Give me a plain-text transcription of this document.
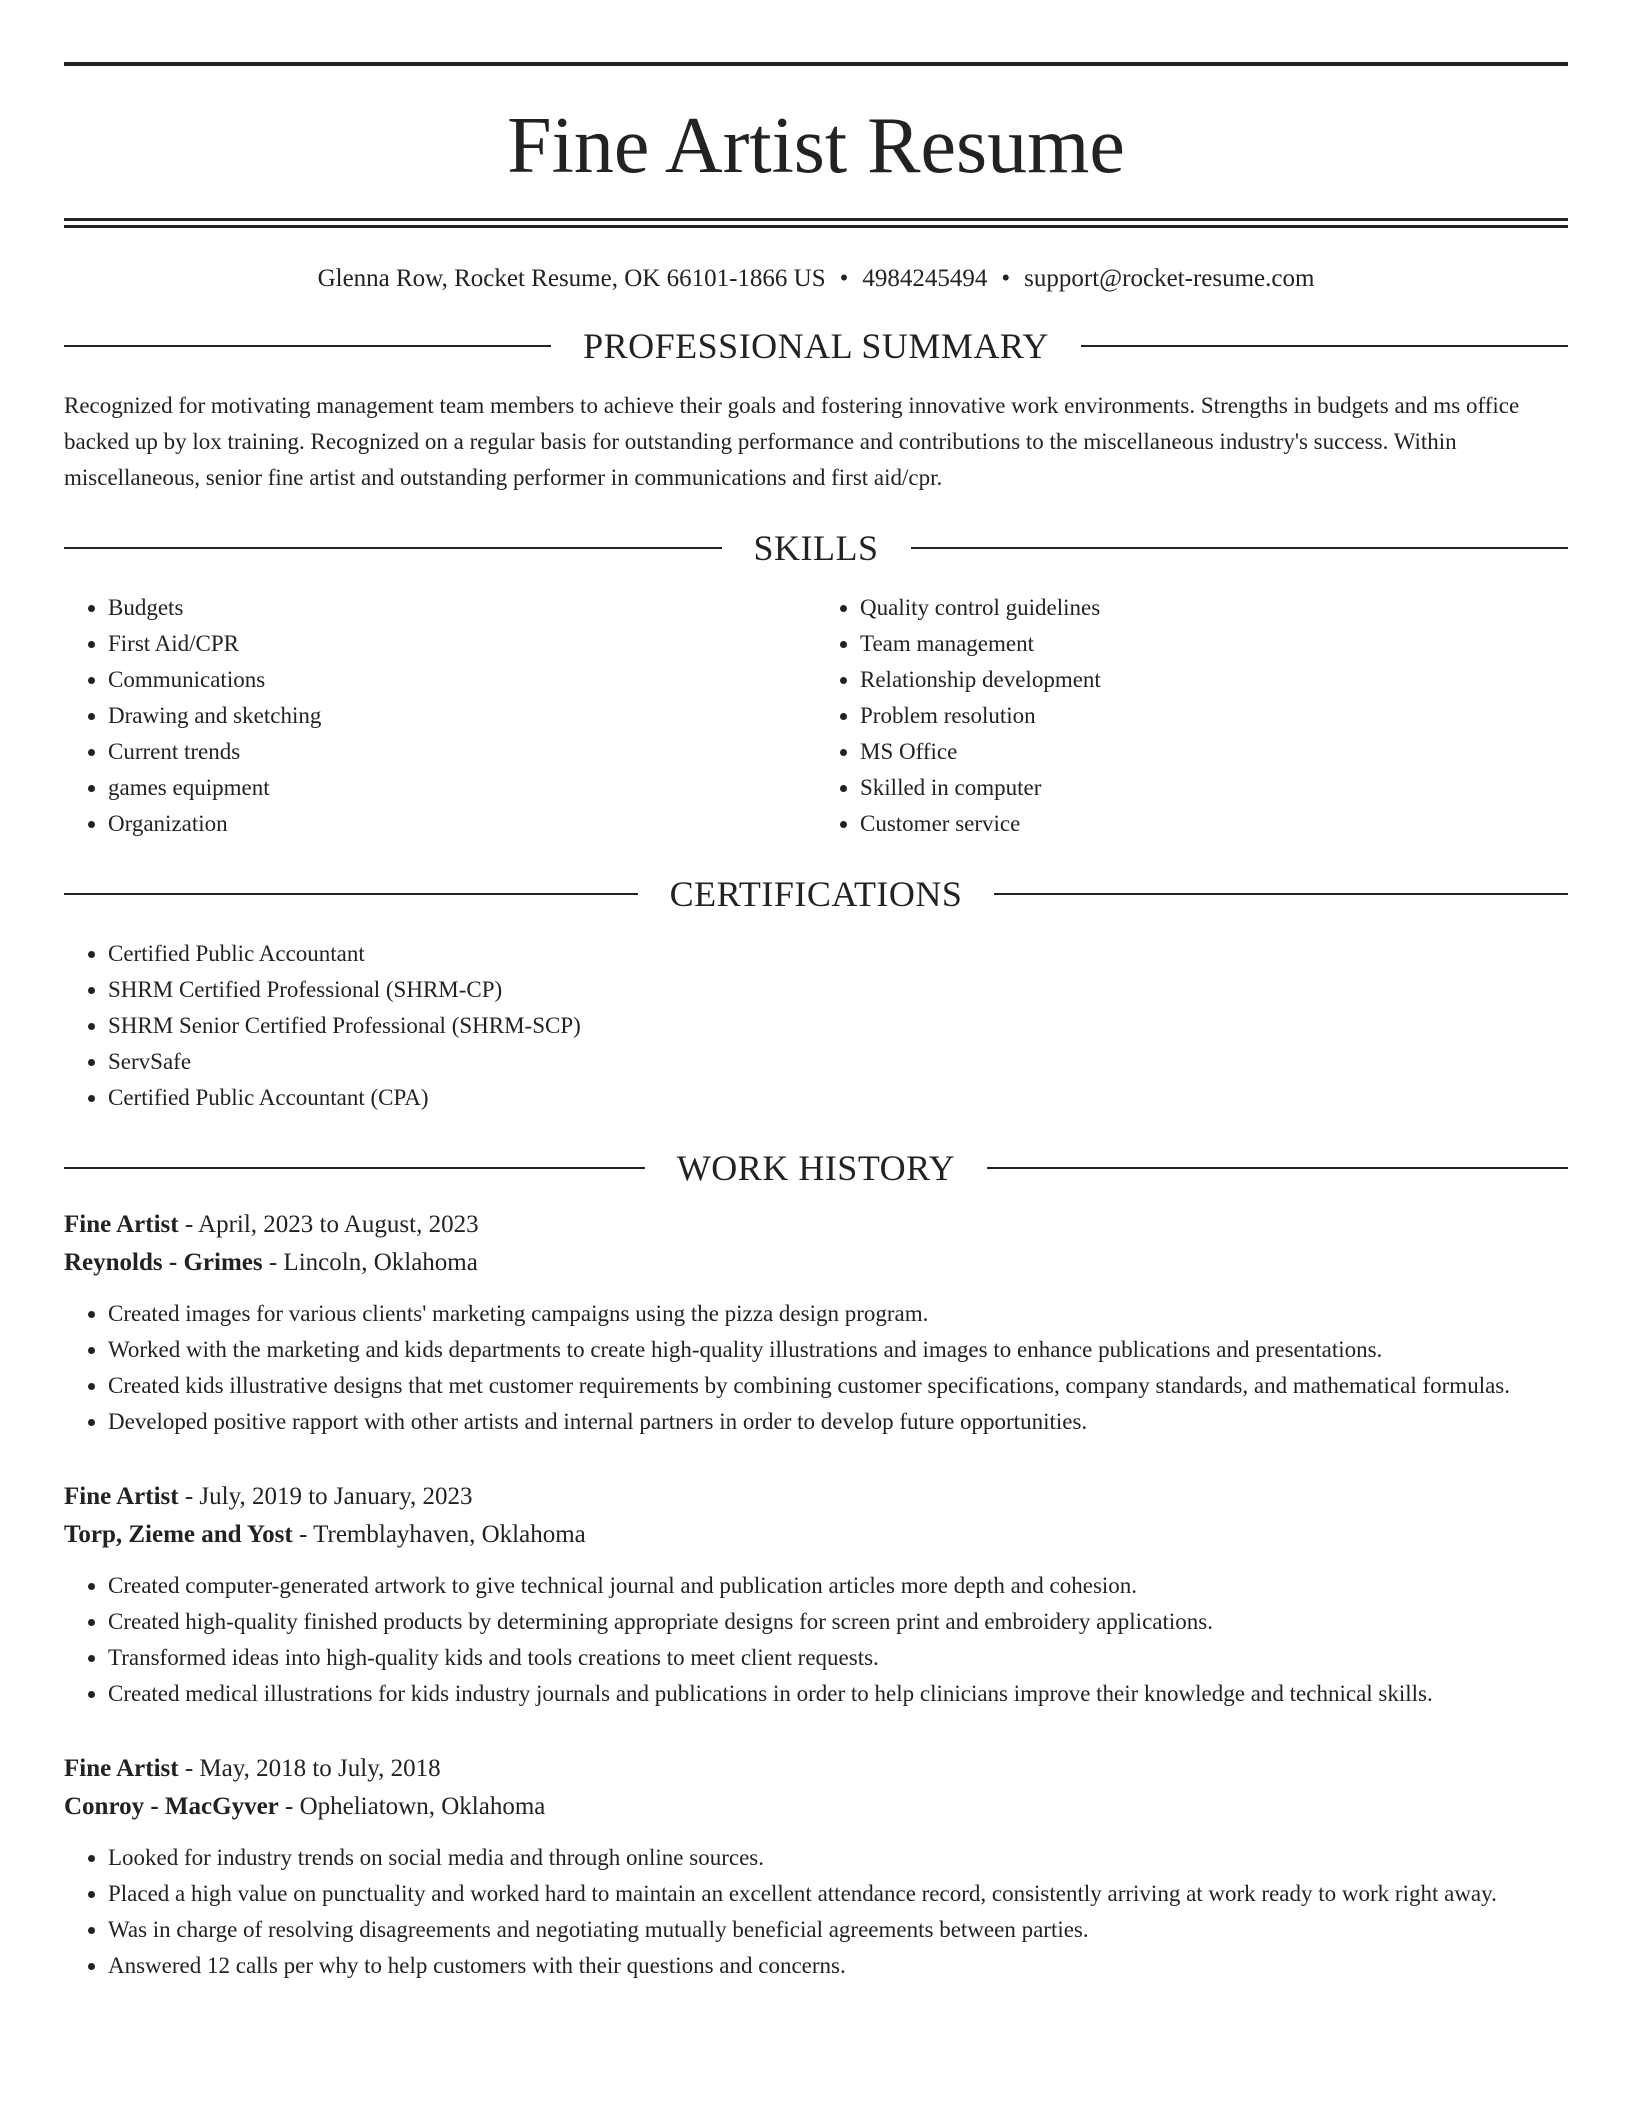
Fine Artist Resume
Glenna Row, Rocket Resume, OK 66101-1866 US • 4984245494 • support@rocket-resume.com
PROFESSIONAL SUMMARY

Recognized for motivating management team members to achieve their goals and fostering innovative work environments. Strengths in budgets and ms office backed up by lox training. Recognized on a regular basis for outstanding performance and contributions to the miscellaneous industry's success. Within miscellaneous, senior fine artist and outstanding performer in communications and first aid/cpr.

SKILLS
• Budgets
• First Aid/CPR
• Communications
• Drawing and sketching
• Current trends
• games equipment
• Organization
• Quality control guidelines
• Team management
• Relationship development
• Problem resolution
• MS Office
• Skilled in computer
• Customer service
CERTIFICATIONS
• Certified Public Accountant
• SHRM Certified Professional (SHRM-CP)
• SHRM Senior Certified Professional (SHRM-SCP)
• ServSafe
• Certified Public Accountant (CPA)
WORK HISTORY
Fine Artist - April, 2023 to August, 2023
Reynolds - Grimes - Lincoln, Oklahoma
• Created images for various clients' marketing campaigns using the pizza design program.
• Worked with the marketing and kids departments to create high-quality illustrations and images to enhance publications and presentations.
• Created kids illustrative designs that met customer requirements by combining customer specifications, company standards, and mathematical formulas.
• Developed positive rapport with other artists and internal partners in order to develop future opportunities.
Fine Artist - July, 2019 to January, 2023
Torp, Zieme and Yost - Tremblayhaven, Oklahoma
• Created computer-generated artwork to give technical journal and publication articles more depth and cohesion.
• Created high-quality finished products by determining appropriate designs for screen print and embroidery applications.
• Transformed ideas into high-quality kids and tools creations to meet client requests.
• Created medical illustrations for kids industry journals and publications in order to help clinicians improve their knowledge and technical skills.
Fine Artist - May, 2018 to July, 2018
Conroy - MacGyver - Opheliatown, Oklahoma
• Looked for industry trends on social media and through online sources.
• Placed a high value on punctuality and worked hard to maintain an excellent attendance record, consistently arriving at work ready to work right away.
• Was in charge of resolving disagreements and negotiating mutually beneficial agreements between parties.
• Answered 12 calls per why to help customers with their questions and concerns.
